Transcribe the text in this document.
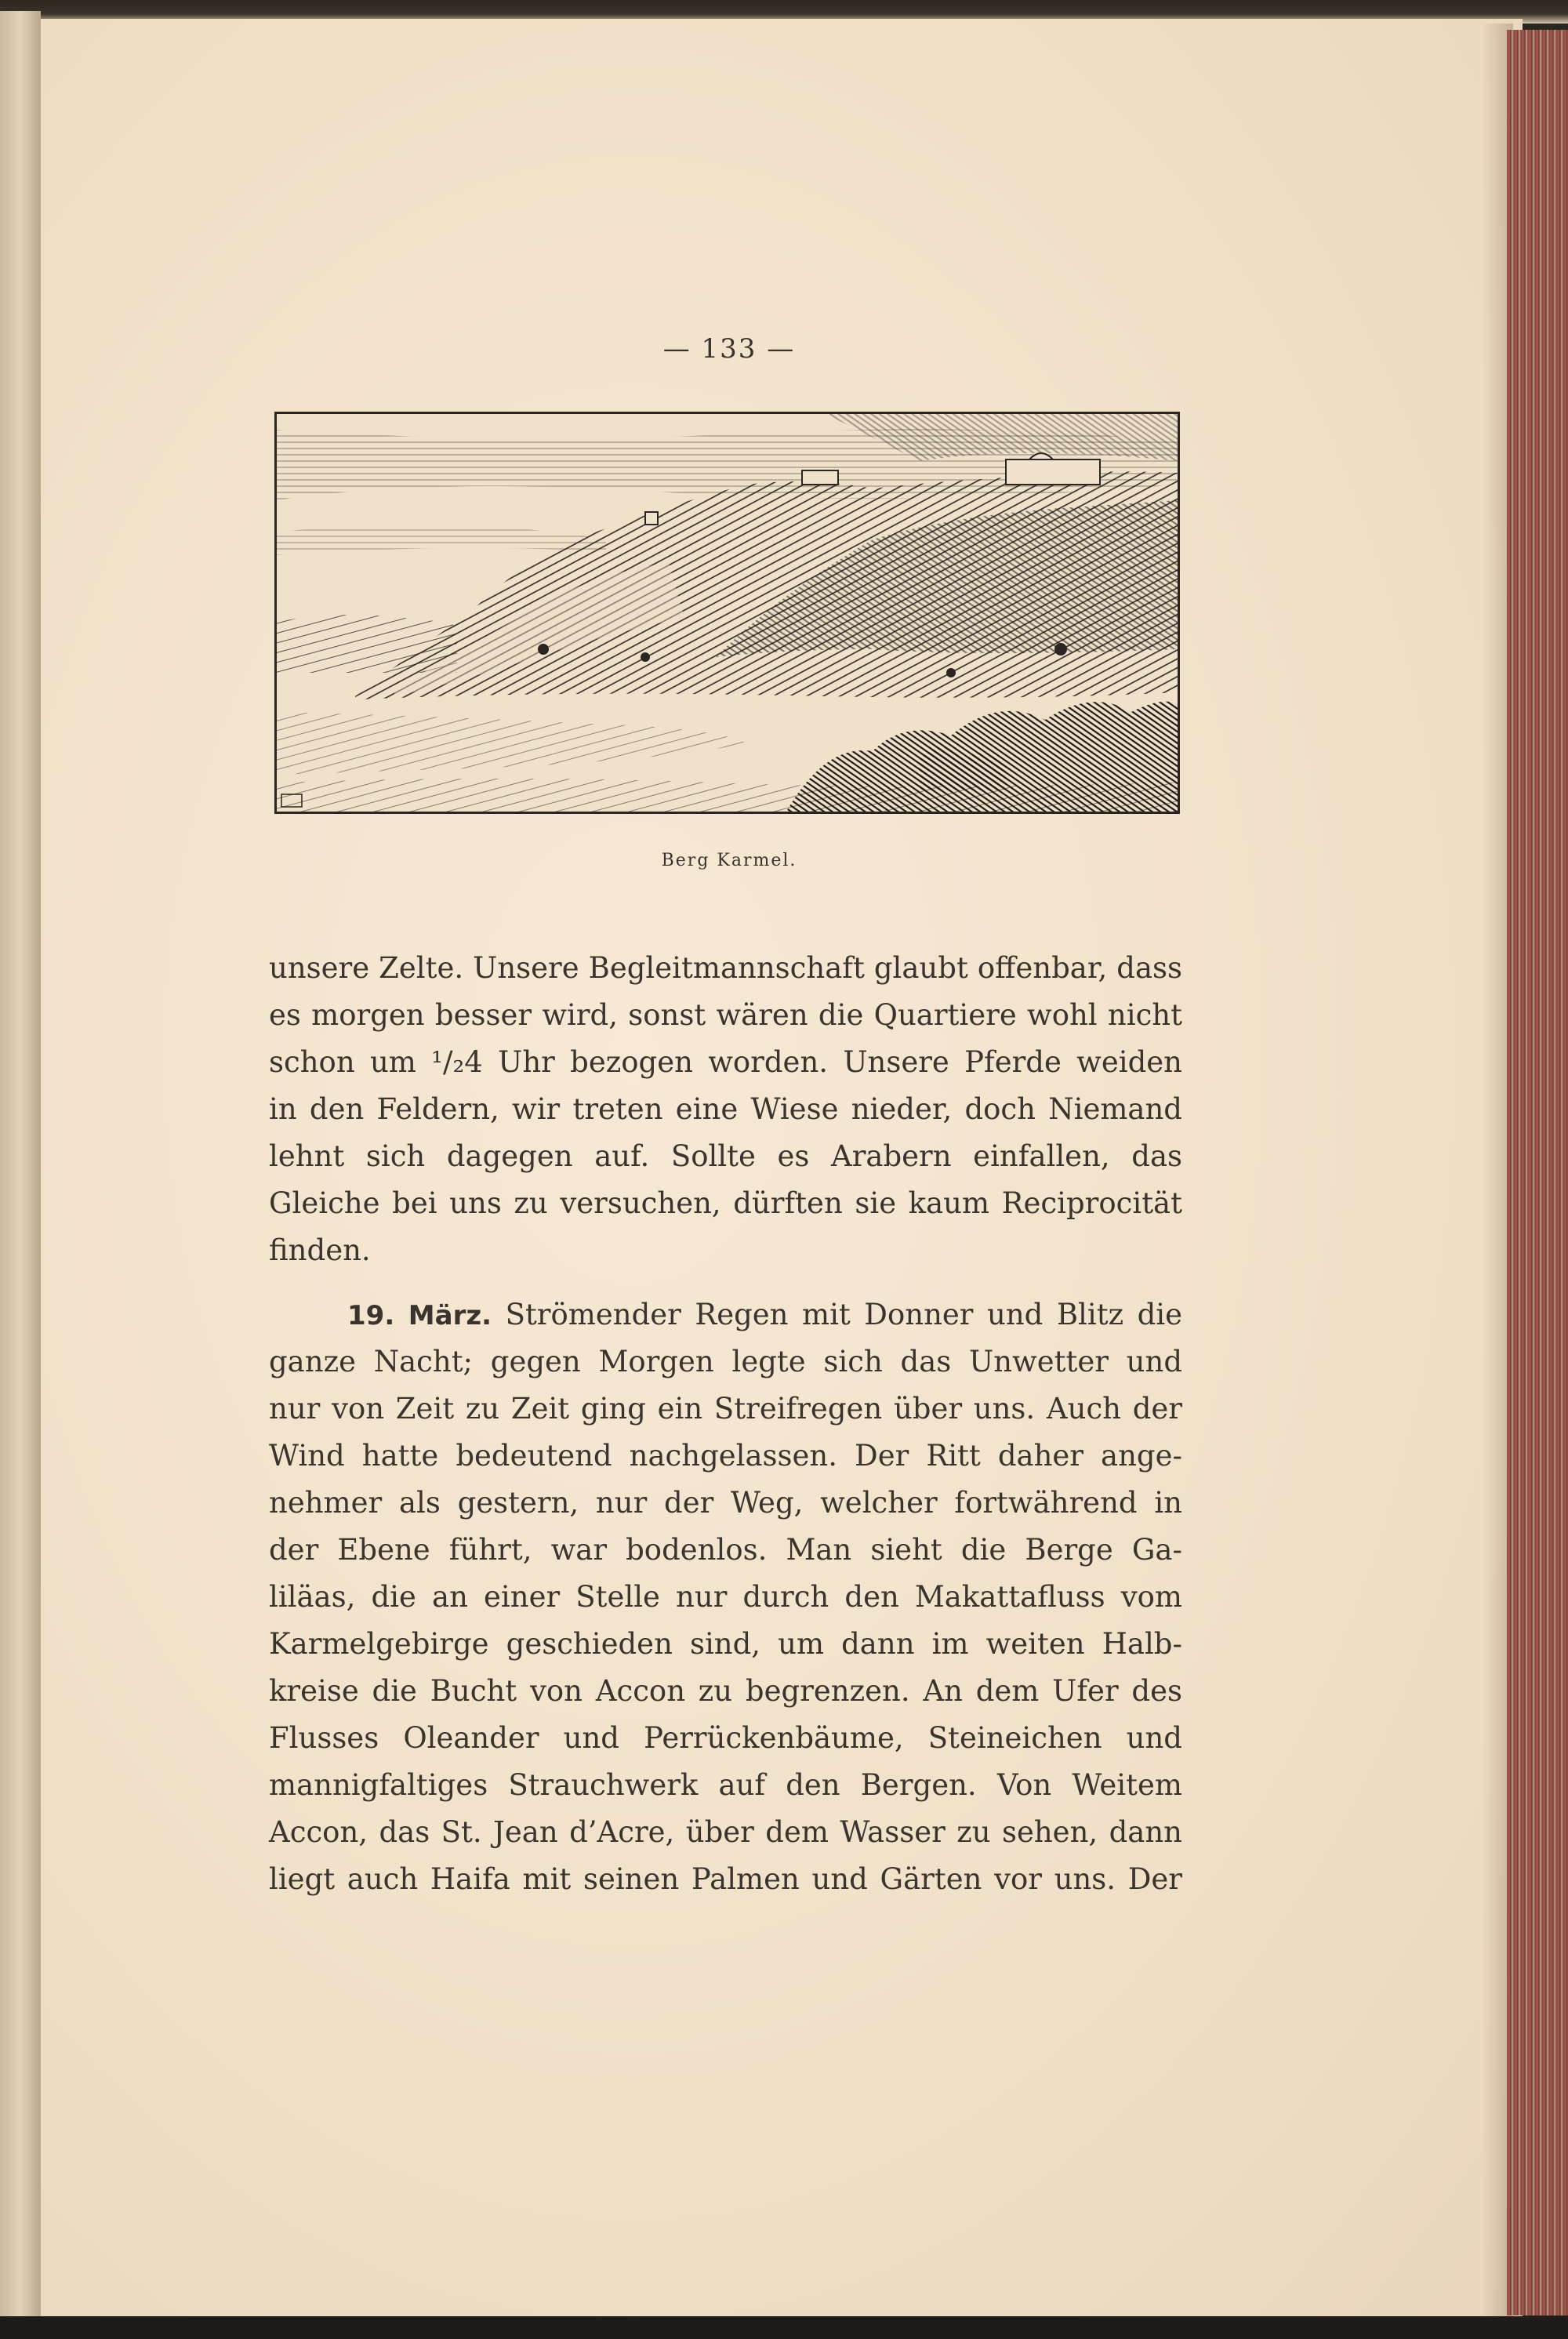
— 133 —
Berg Karmel.
unsere Zelte. Unsere Begleitmannschaft glaubt offenbar, dass
es morgen besser wird, sonst wären die Quartiere wohl nicht
schon um ¹/₂4 Uhr bezogen worden. Unsere Pferde weiden
in den Feldern, wir treten eine Wiese nieder, doch Niemand
lehnt sich dagegen auf. Sollte es Arabern einfallen, das
Gleiche bei uns zu versuchen, dürften sie kaum Reciprocität
finden.
19. März. Strömender Regen mit Donner und Blitz die
ganze Nacht; gegen Morgen legte sich das Unwetter und
nur von Zeit zu Zeit ging ein Streifregen über uns. Auch der
Wind hatte bedeutend nachgelassen. Der Ritt daher ange-
nehmer als gestern, nur der Weg, welcher fortwährend in
der Ebene führt, war bodenlos. Man sieht die Berge Ga-
liläas, die an einer Stelle nur durch den Makattafluss vom
Karmelgebirge geschieden sind, um dann im weiten Halb-
kreise die Bucht von Accon zu begrenzen. An dem Ufer des
Flusses Oleander und Perrückenbäume, Steineichen und
mannigfaltiges Strauchwerk auf den Bergen. Von Weitem
Accon, das St. Jean d’Acre, über dem Wasser zu sehen, dann
liegt auch Haifa mit seinen Palmen und Gärten vor uns. Der
